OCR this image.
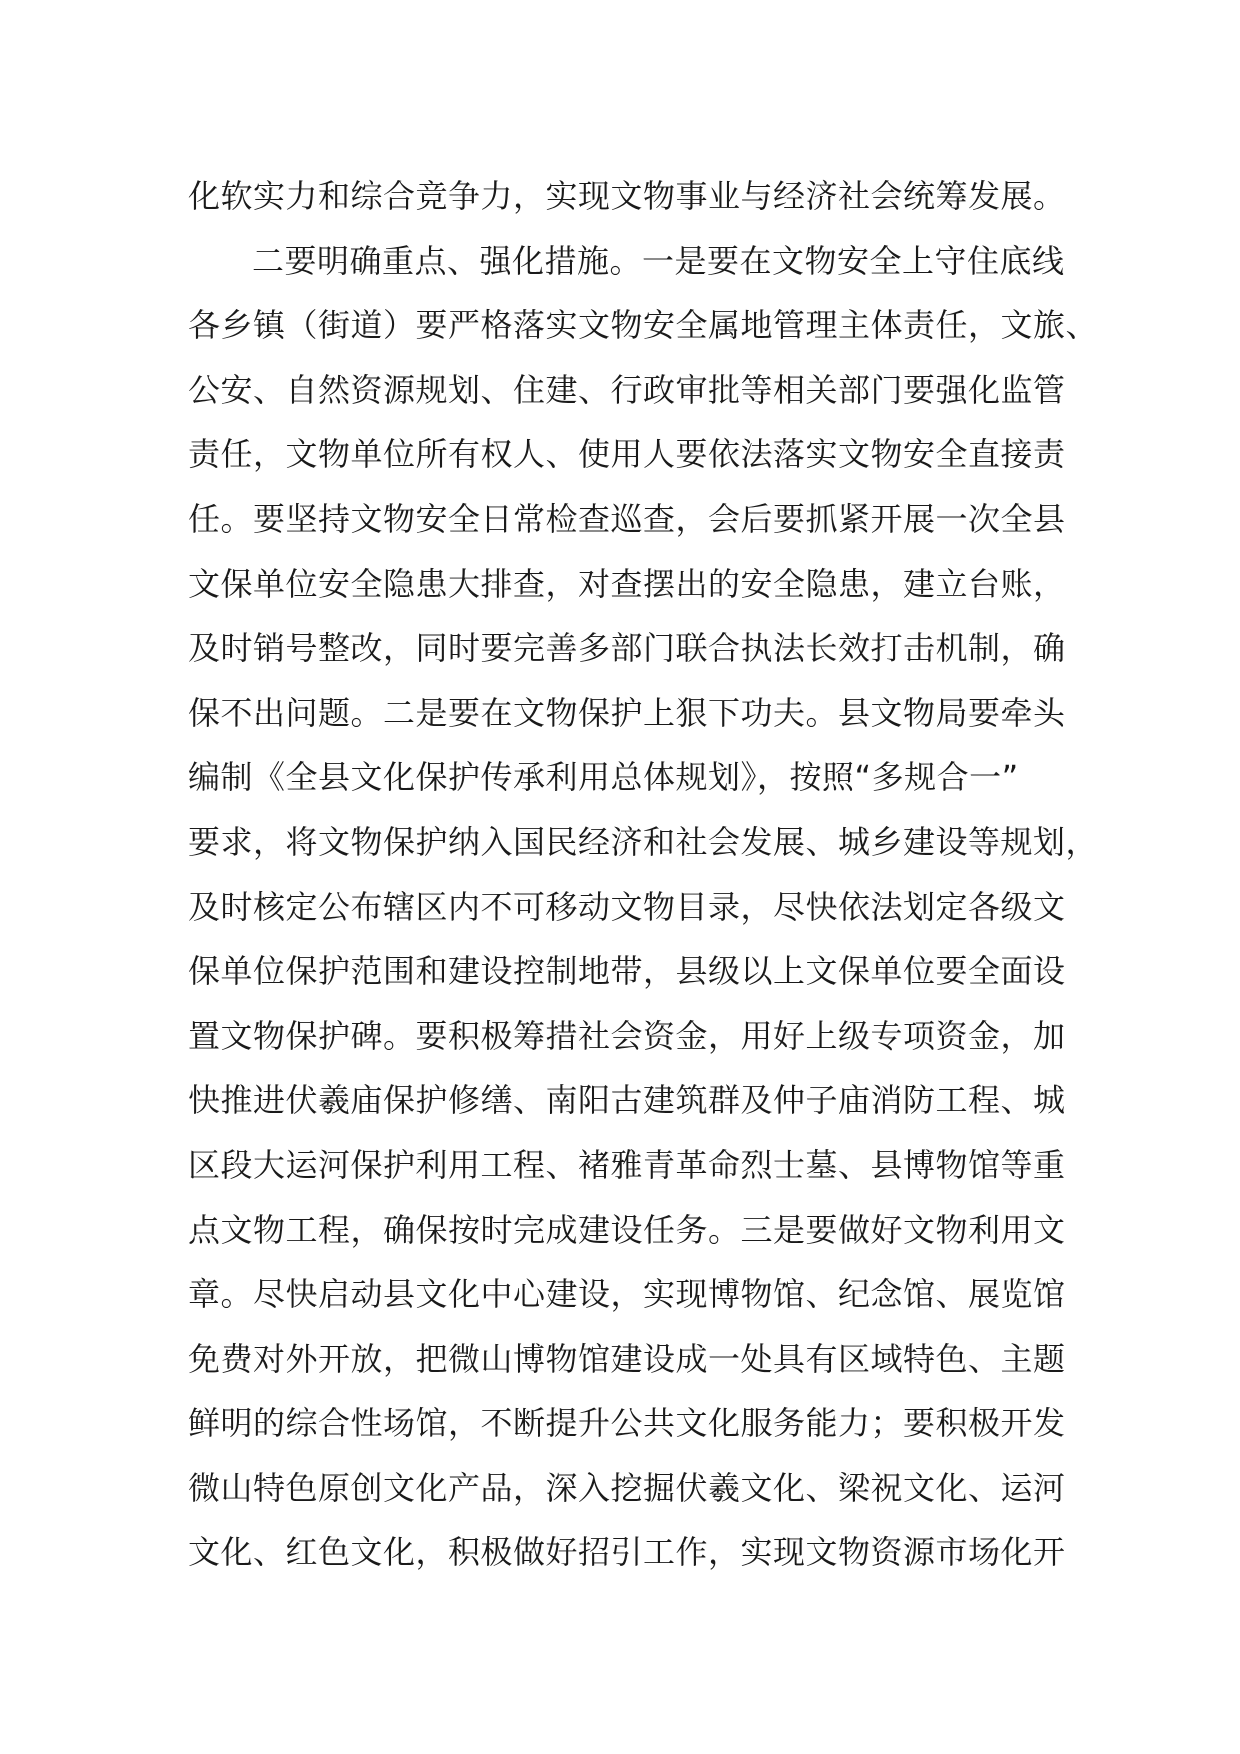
化软实力和综合竞争力，实现文物事业与经济社会统筹发展。
二要明确重点、强化措施。一是要在文物安全上守住底线
各乡镇（街道）要严格落实文物安全属地管理主体责任，文旅、
公安、自然资源规划、住建、行政审批等相关部门要强化监管
责任，文物单位所有权人、使用人要依法落实文物安全直接责
任。要坚持文物安全日常检查巡查，会后要抓紧开展一次全县
文保单位安全隐患大排查，对查摆出的安全隐患，建立台账，
及时销号整改，同时要完善多部门联合执法长效打击机制，确
保不出问题。二是要在文物保护上狠下功夫。县文物局要牵头
编制《全县文化保护传承利用总体规划》，按照“多规合一”
要求，将文物保护纳入国民经济和社会发展、城乡建设等规划，
及时核定公布辖区内不可移动文物目录，尽快依法划定各级文
保单位保护范围和建设控制地带，县级以上文保单位要全面设
置文物保护碑。要积极筹措社会资金，用好上级专项资金，加
快推进伏羲庙保护修缮、南阳古建筑群及仲子庙消防工程、城
区段大运河保护利用工程、褚雅青革命烈士墓、县博物馆等重
点文物工程，确保按时完成建设任务。三是要做好文物利用文
章。尽快启动县文化中心建设，实现博物馆、纪念馆、展览馆
免费对外开放，把微山博物馆建设成一处具有区域特色、主题
鲜明的综合性场馆，不断提升公共文化服务能力；要积极开发
微山特色原创文化产品，深入挖掘伏羲文化、梁祝文化、运河
文化、红色文化，积极做好招引工作，实现文物资源市场化开
